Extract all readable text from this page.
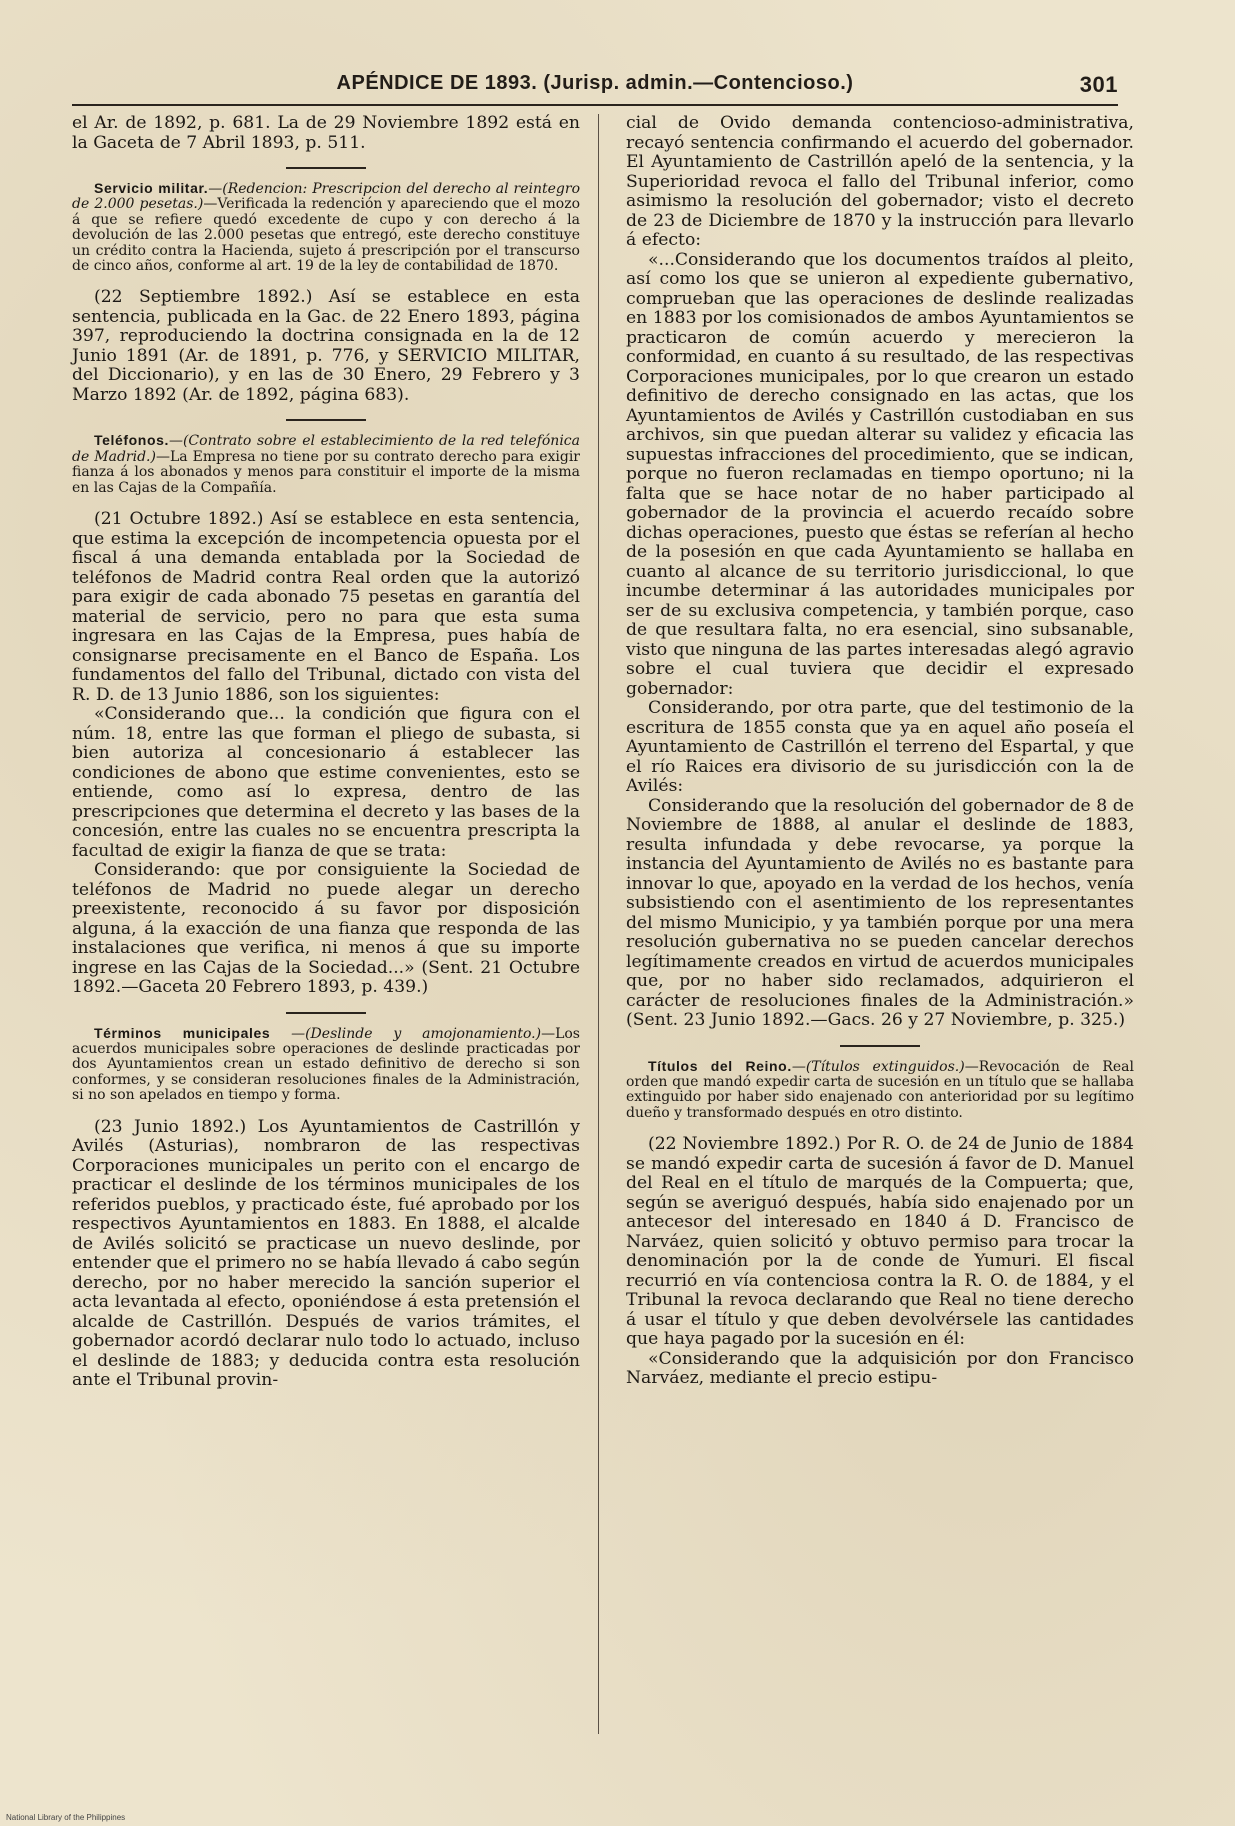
APÉNDICE DE 1893. (Jurisp. admin.—Contencioso.)	301

el Ar. de 1892, p. 681. La de 29 Noviembre 1892 está en la Gaceta de 7 Abril 1893, p. 511.

Servicio militar.—(Redencion: Prescripcion del derecho al reintegro de 2.000 pesetas.)—Verificada la redención y apareciendo que el mozo á que se refiere quedó excedente de cupo y con derecho á la devolución de las 2.000 pesetas que entregó, este derecho constituye un crédito contra la Hacienda, sujeto á prescripción por el transcurso de cinco años, conforme al art. 19 de la ley de contabilidad de 1870.

(22 Septiembre 1892.) Así se establece en esta sentencia, publicada en la Gac. de 22 Enero 1893, página 397, reproduciendo la doctrina consignada en la de 12 Junio 1891 (Ar. de 1891, p. 776, y SERVICIO MILITAR, del Diccionario), y en las de 30 Enero, 29 Febrero y 3 Marzo 1892 (Ar. de 1892, página 683).

Teléfonos.—(Contrato sobre el establecimiento de la red telefónica de Madrid.)—La Empresa no tiene por su contrato derecho para exigir fianza á los abonados y menos para constituir el importe de la misma en las Cajas de la Compañía.

(21 Octubre 1892.) Así se establece en esta sentencia, que estima la excepción de incompetencia opuesta por el fiscal á una demanda entablada por la Sociedad de teléfonos de Madrid contra Real orden que la autorizó para exigir de cada abonado 75 pesetas en garantía del material de servicio, pero no para que esta suma ingresara en las Cajas de la Empresa, pues había de consignarse precisamente en el Banco de España. Los fundamentos del fallo del Tribunal, dictado con vista del R. D. de 13 Junio 1886, son los siguientes:

«Considerando que... la condición que figura con el núm. 18, entre las que forman el pliego de subasta, si bien autoriza al concesionario á establecer las condiciones de abono que estime convenientes, esto se entiende, como así lo expresa, dentro de las prescripciones que determina el decreto y las bases de la concesión, entre las cuales no se encuentra prescripta la facultad de exigir la fianza de que se trata:

Considerando: que por consiguiente la Sociedad de teléfonos de Madrid no puede alegar un derecho preexistente, reconocido á su favor por disposición alguna, á la exacción de una fianza que responda de las instalaciones que verifica, ni menos á que su importe ingrese en las Cajas de la Sociedad...» (Sent. 21 Octubre 1892.—Gaceta 20 Febrero 1893, p. 439.)

Términos municipales —(Deslinde y amojonamiento.)—Los acuerdos municipales sobre operaciones de deslinde practicadas por dos Ayuntamientos crean un estado definitivo de derecho si son conformes, y se consideran resoluciones finales de la Administración, si no son apelados en tiempo y forma.

(23 Junio 1892.) Los Ayuntamientos de Castrillón y Avilés (Asturias), nombraron de las respectivas Corporaciones municipales un perito con el encargo de practicar el deslinde de los términos municipales de los referidos pueblos, y practicado éste, fué aprobado por los respectivos Ayuntamientos en 1883. En 1888, el alcalde de Avilés solicitó se practicase un nuevo deslinde, por entender que el primero no se había llevado á cabo según derecho, por no haber merecido la sanción superior el acta levantada al efecto, oponiéndose á esta pretensión el alcalde de Castrillón. Después de varios trámites, el gobernador acordó declarar nulo todo lo actuado, incluso el deslinde de 1883; y deducida contra esta resolución ante el Tribunal provin-

cial de Ovido demanda contencioso-administrativa, recayó sentencia confirmando el acuerdo del gobernador. El Ayuntamiento de Castrillón apeló de la sentencia, y la Superioridad revoca el fallo del Tribunal inferior, como asimismo la resolución del gobernador; visto el decreto de 23 de Diciembre de 1870 y la instrucción para llevarlo á efecto:

«...Considerando que los documentos traídos al pleito, así como los que se unieron al expediente gubernativo, comprueban que las operaciones de deslinde realizadas en 1883 por los comisionados de ambos Ayuntamientos se practicaron de común acuerdo y merecieron la conformidad, en cuanto á su resultado, de las respectivas Corporaciones municipales, por lo que crearon un estado definitivo de derecho consignado en las actas, que los Ayuntamientos de Avilés y Castrillón custodiaban en sus archivos, sin que puedan alterar su validez y eficacia las supuestas infracciones del procedimiento, que se indican, porque no fueron reclamadas en tiempo oportuno; ni la falta que se hace notar de no haber participado al gobernador de la provincia el acuerdo recaído sobre dichas operaciones, puesto que éstas se referían al hecho de la posesión en que cada Ayuntamiento se hallaba en cuanto al alcance de su territorio jurisdiccional, lo que incumbe determinar á las autoridades municipales por ser de su exclusiva competencia, y también porque, caso de que resultara falta, no era esencial, sino subsanable, visto que ninguna de las partes interesadas alegó agravio sobre el cual tuviera que decidir el expresado gobernador:

Considerando, por otra parte, que del testimonio de la escritura de 1855 consta que ya en aquel año poseía el Ayuntamiento de Castrillón el terreno del Espartal, y que el río Raices era divisorio de su jurisdicción con la de Avilés:

Considerando que la resolución del gobernador de 8 de Noviembre de 1888, al anular el deslinde de 1883, resulta infundada y debe revocarse, ya porque la instancia del Ayuntamiento de Avilés no es bastante para innovar lo que, apoyado en la verdad de los hechos, venía subsistiendo con el asentimiento de los representantes del mismo Municipio, y ya también porque por una mera resolución gubernativa no se pueden cancelar derechos legítimamente creados en virtud de acuerdos municipales que, por no haber sido reclamados, adquirieron el carácter de resoluciones finales de la Administración.» (Sent. 23 Junio 1892.—Gacs. 26 y 27 Noviembre, p. 325.)

Títulos del Reino.—(Títulos extinguidos.)—Revocación de Real orden que mandó expedir carta de sucesión en un título que se hallaba extinguido por haber sido enajenado con anterioridad por su legítimo dueño y transformado después en otro distinto.

(22 Noviembre 1892.) Por R. O. de 24 de Junio de 1884 se mandó expedir carta de sucesión á favor de D. Manuel del Real en el título de marqués de la Compuerta; que, según se averiguó después, había sido enajenado por un antecesor del interesado en 1840 á D. Francisco de Narváez, quien solicitó y obtuvo permiso para trocar la denominación por la de conde de Yumuri. El fiscal recurrió en vía contenciosa contra la R. O. de 1884, y el Tribunal la revoca declarando que Real no tiene derecho á usar el título y que deben devolvérsele las cantidades que haya pagado por la sucesión en él:

«Considerando que la adquisición por don Francisco Narváez, mediante el precio estipu-

National Library of the Philippines
